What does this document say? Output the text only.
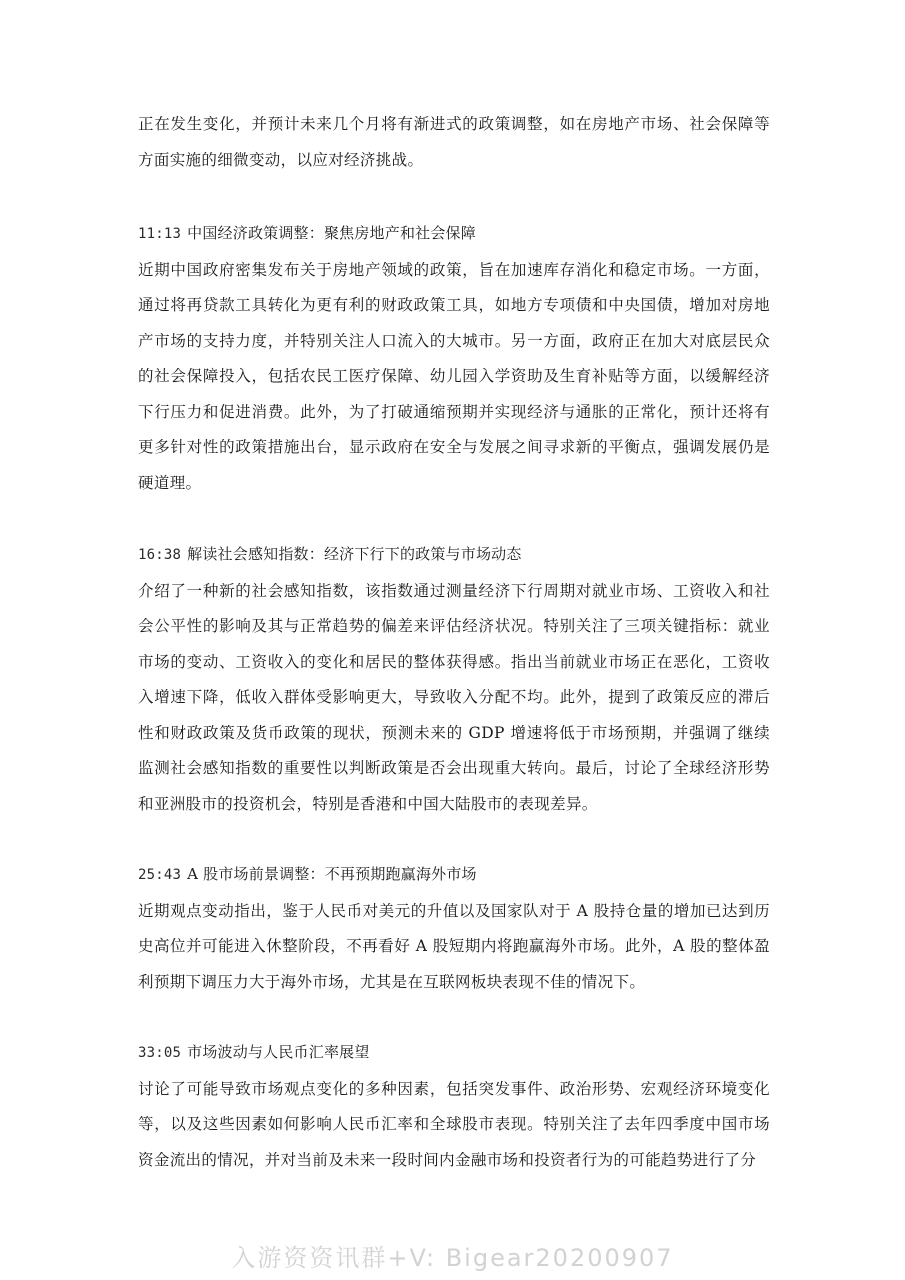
正在发生变化，并预计未来几个月将有渐进式的政策调整，如在房地产市场、社会保障等方面实施的细微变动，以应对经济挑战。

11:13 中国经济政策调整：聚焦房地产和社会保障

近期中国政府密集发布关于房地产领域的政策，旨在加速库存消化和稳定市场。一方面，通过将再贷款工具转化为更有利的财政政策工具，如地方专项债和中央国债，增加对房地产市场的支持力度，并特别关注人口流入的大城市。另一方面，政府正在加大对底层民众的社会保障投入，包括农民工医疗保障、幼儿园入学资助及生育补贴等方面，以缓解经济下行压力和促进消费。此外，为了打破通缩预期并实现经济与通胀的正常化，预计还将有更多针对性的政策措施出台，显示政府在安全与发展之间寻求新的平衡点，强调发展仍是硬道理。

16:38 解读社会感知指数：经济下行下的政策与市场动态

介绍了一种新的社会感知指数，该指数通过测量经济下行周期对就业市场、工资收入和社会公平性的影响及其与正常趋势的偏差来评估经济状况。特别关注了三项关键指标：就业市场的变动、工资收入的变化和居民的整体获得感。指出当前就业市场正在恶化，工资收入增速下降，低收入群体受影响更大，导致收入分配不均。此外，提到了政策反应的滞后性和财政政策及货币政策的现状，预测未来的 GDP 增速将低于市场预期，并强调了继续监测社会感知指数的重要性以判断政策是否会出现重大转向。最后，讨论了全球经济形势和亚洲股市的投资机会，特别是香港和中国大陆股市的表现差异。

25:43 A 股市场前景调整：不再预期跑赢海外市场

近期观点变动指出，鉴于人民币对美元的升值以及国家队对于 A 股持仓量的增加已达到历史高位并可能进入休整阶段，不再看好 A 股短期内将跑赢海外市场。此外，A 股的整体盈利预期下调压力大于海外市场，尤其是在互联网板块表现不佳的情况下。

33:05 市场波动与人民币汇率展望

讨论了可能导致市场观点变化的多种因素，包括突发事件、政治形势、宏观经济环境变化等，以及这些因素如何影响人民币汇率和全球股市表现。特别关注了去年四季度中国市场资金流出的情况，并对当前及未来一段时间内金融市场和投资者行为的可能趋势进行了分

入游资资讯群+V: Bigear20200907
